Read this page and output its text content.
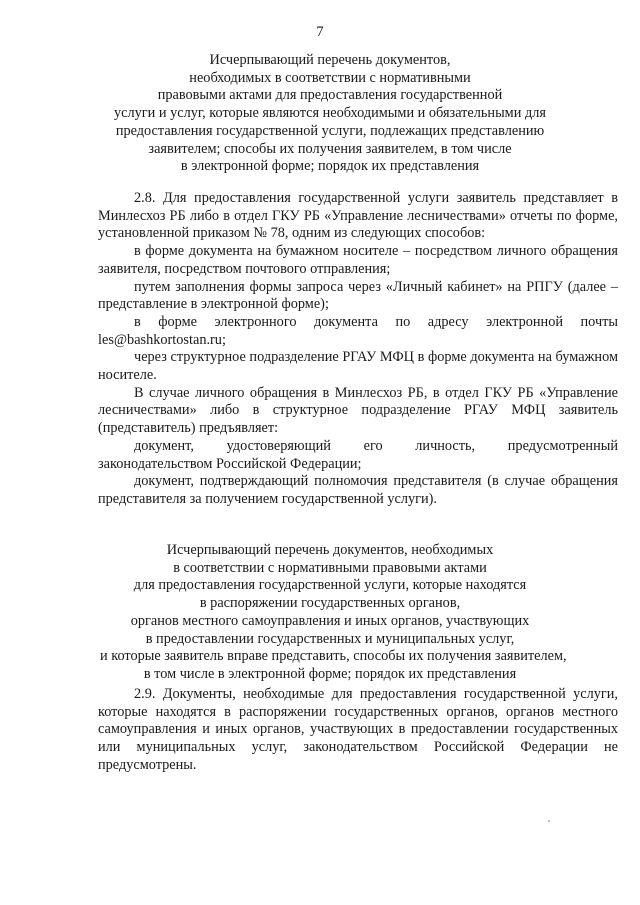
7
Исчерпывающий перечень документов,
необходимых в соответствии с нормативными
правовыми актами для предоставления государственной
услуги и услуг, которые являются необходимыми и обязательными для
предоставления государственной услуги, подлежащих представлению
заявителем; способы их получения заявителем, в том числе
в электронной форме; порядок их представления

2.8. Для предоставления государственной услуги заявитель представляет в Минлесхоз РБ либо в отдел ГКУ РБ «Управление лесничествами» отчеты по форме, установленной приказом № 78, одним из следующих способов:

в форме документа на бумажном носителе – посредством личного обращения заявителя, посредством почтового отправления;

путем заполнения формы запроса через «Личный кабинет» на РПГУ (далее – представление в электронной форме);

в форме электронного документа по адресу электронной почты les@bashkortostan.ru;

через структурное подразделение РГАУ МФЦ в форме документа на бумажном носителе.

В случае личного обращения в Минлесхоз РБ, в отдел ГКУ РБ «Управление лесничествами» либо в структурное подразделение РГАУ МФЦ заявитель (представитель) предъявляет:

документ, удостоверяющий его личность, предусмотренный законодательством Российской Федерации;

документ, подтверждающий полномочия представителя (в случае обращения представителя за получением государственной услуги).

Исчерпывающий перечень документов, необходимых
в соответствии с нормативными правовыми актами
для предоставления государственной услуги, которые находятся
в распоряжении государственных органов,
органов местного самоуправления и иных органов, участвующих
в предоставлении государственных и муниципальных услуг,
и которые заявитель вправе представить, способы их получения заявителем,
в том числе в электронной форме; порядок их представления

2.9. Документы, необходимые для предоставления государственной услуги, которые находятся в распоряжении государственных органов, органов местного самоуправления и иных органов, участвующих в предоставлении государственных или муниципальных услуг, законодательством Российской Федерации не предусмотрены.
